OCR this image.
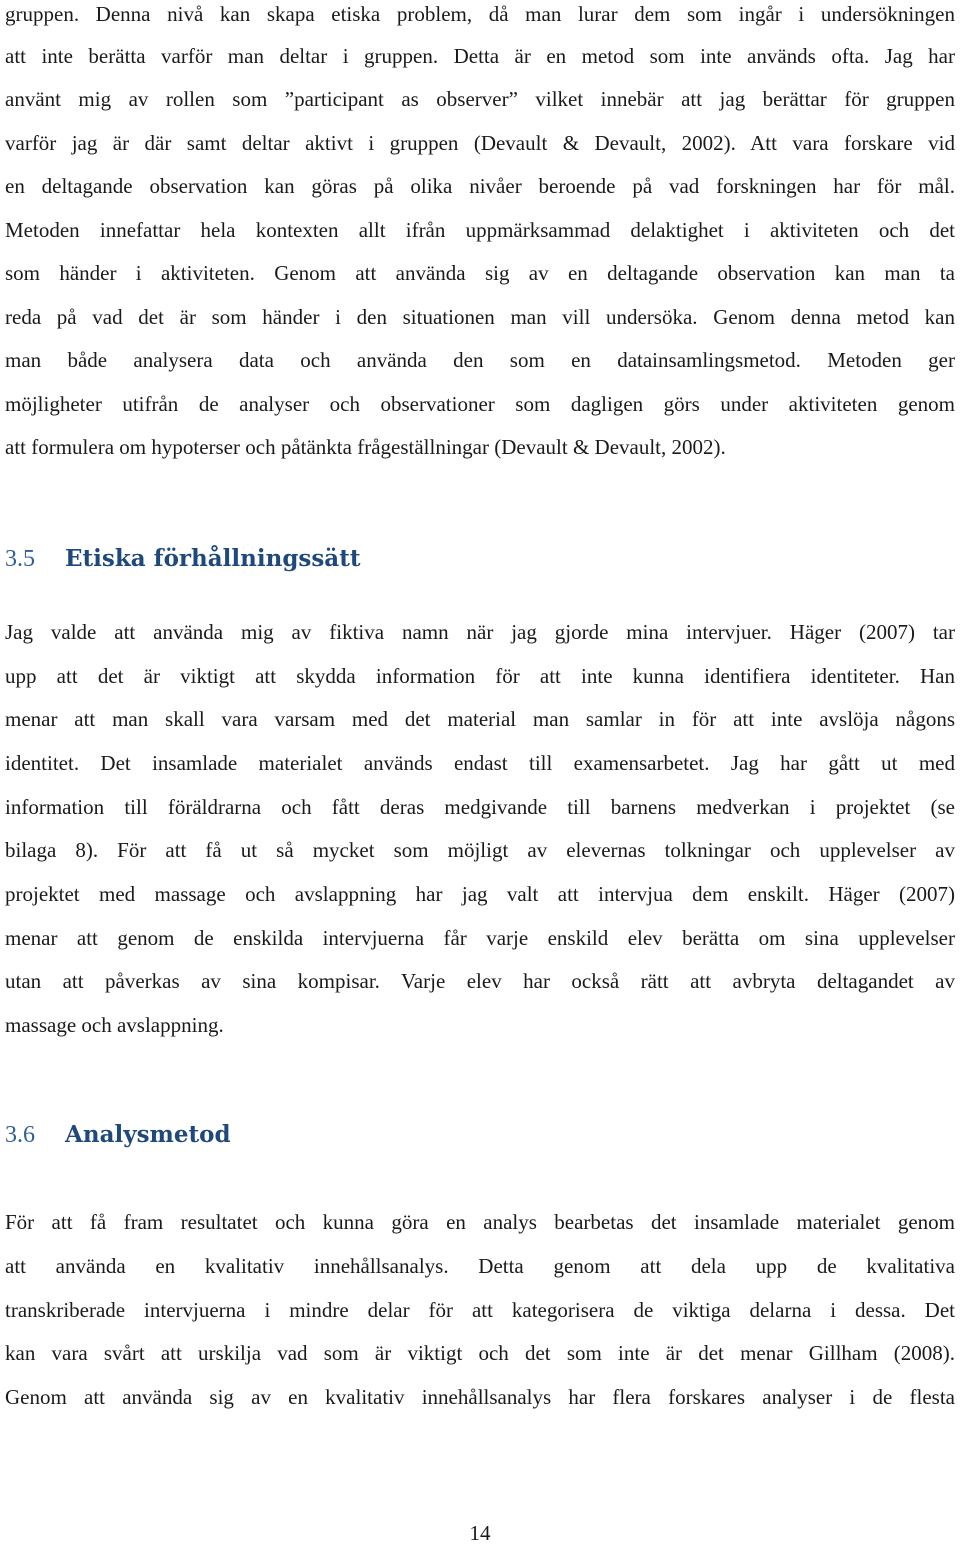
gruppen. Denna nivå kan skapa etiska problem, då man lurar dem som ingår i undersökningen
att inte berätta varför man deltar i gruppen. Detta är en metod som inte används ofta. Jag har
använt mig av rollen som ”participant as observer” vilket innebär att jag berättar för gruppen
varför jag är där samt deltar aktivt i gruppen (Devault & Devault, 2002). Att vara forskare vid
en deltagande observation kan göras på olika nivåer beroende på vad forskningen har för mål.
Metoden innefattar hela kontexten allt ifrån uppmärksammad delaktighet i aktiviteten och det
som händer i aktiviteten. Genom att använda sig av en deltagande observation kan man ta
reda på vad det är som händer i den situationen man vill undersöka. Genom denna metod kan
man både analysera data och använda den som en datainsamlingsmetod. Metoden ger
möjligheter utifrån de analyser och observationer som dagligen görs under aktiviteten genom
att formulera om hypoterser och påtänkta frågeställningar (Devault & Devault, 2002).
3.5 Etiska förhållningssätt
Jag valde att använda mig av fiktiva namn när jag gjorde mina intervjuer. Häger (2007) tar
upp att det är viktigt att skydda information för att inte kunna identifiera identiteter. Han
menar att man skall vara varsam med det material man samlar in för att inte avslöja någons
identitet. Det insamlade materialet används endast till examensarbetet. Jag har gått ut med
information till föräldrarna och fått deras medgivande till barnens medverkan i projektet (se
bilaga 8). För att få ut så mycket som möjligt av elevernas tolkningar och upplevelser av
projektet med massage och avslappning har jag valt att intervjua dem enskilt. Häger (2007)
menar att genom de enskilda intervjuerna får varje enskild elev berätta om sina upplevelser
utan att påverkas av sina kompisar. Varje elev har också rätt att avbryta deltagandet av
massage och avslappning.
3.6 Analysmetod
För att få fram resultatet och kunna göra en analys bearbetas det insamlade materialet genom
att använda en kvalitativ innehållsanalys. Detta genom att dela upp de kvalitativa
transkriberade intervjuerna i mindre delar för att kategorisera de viktiga delarna i dessa. Det
kan vara svårt att urskilja vad som är viktigt och det som inte är det menar Gillham (2008).
Genom att använda sig av en kvalitativ innehållsanalys har flera forskares analyser i de flesta
14
